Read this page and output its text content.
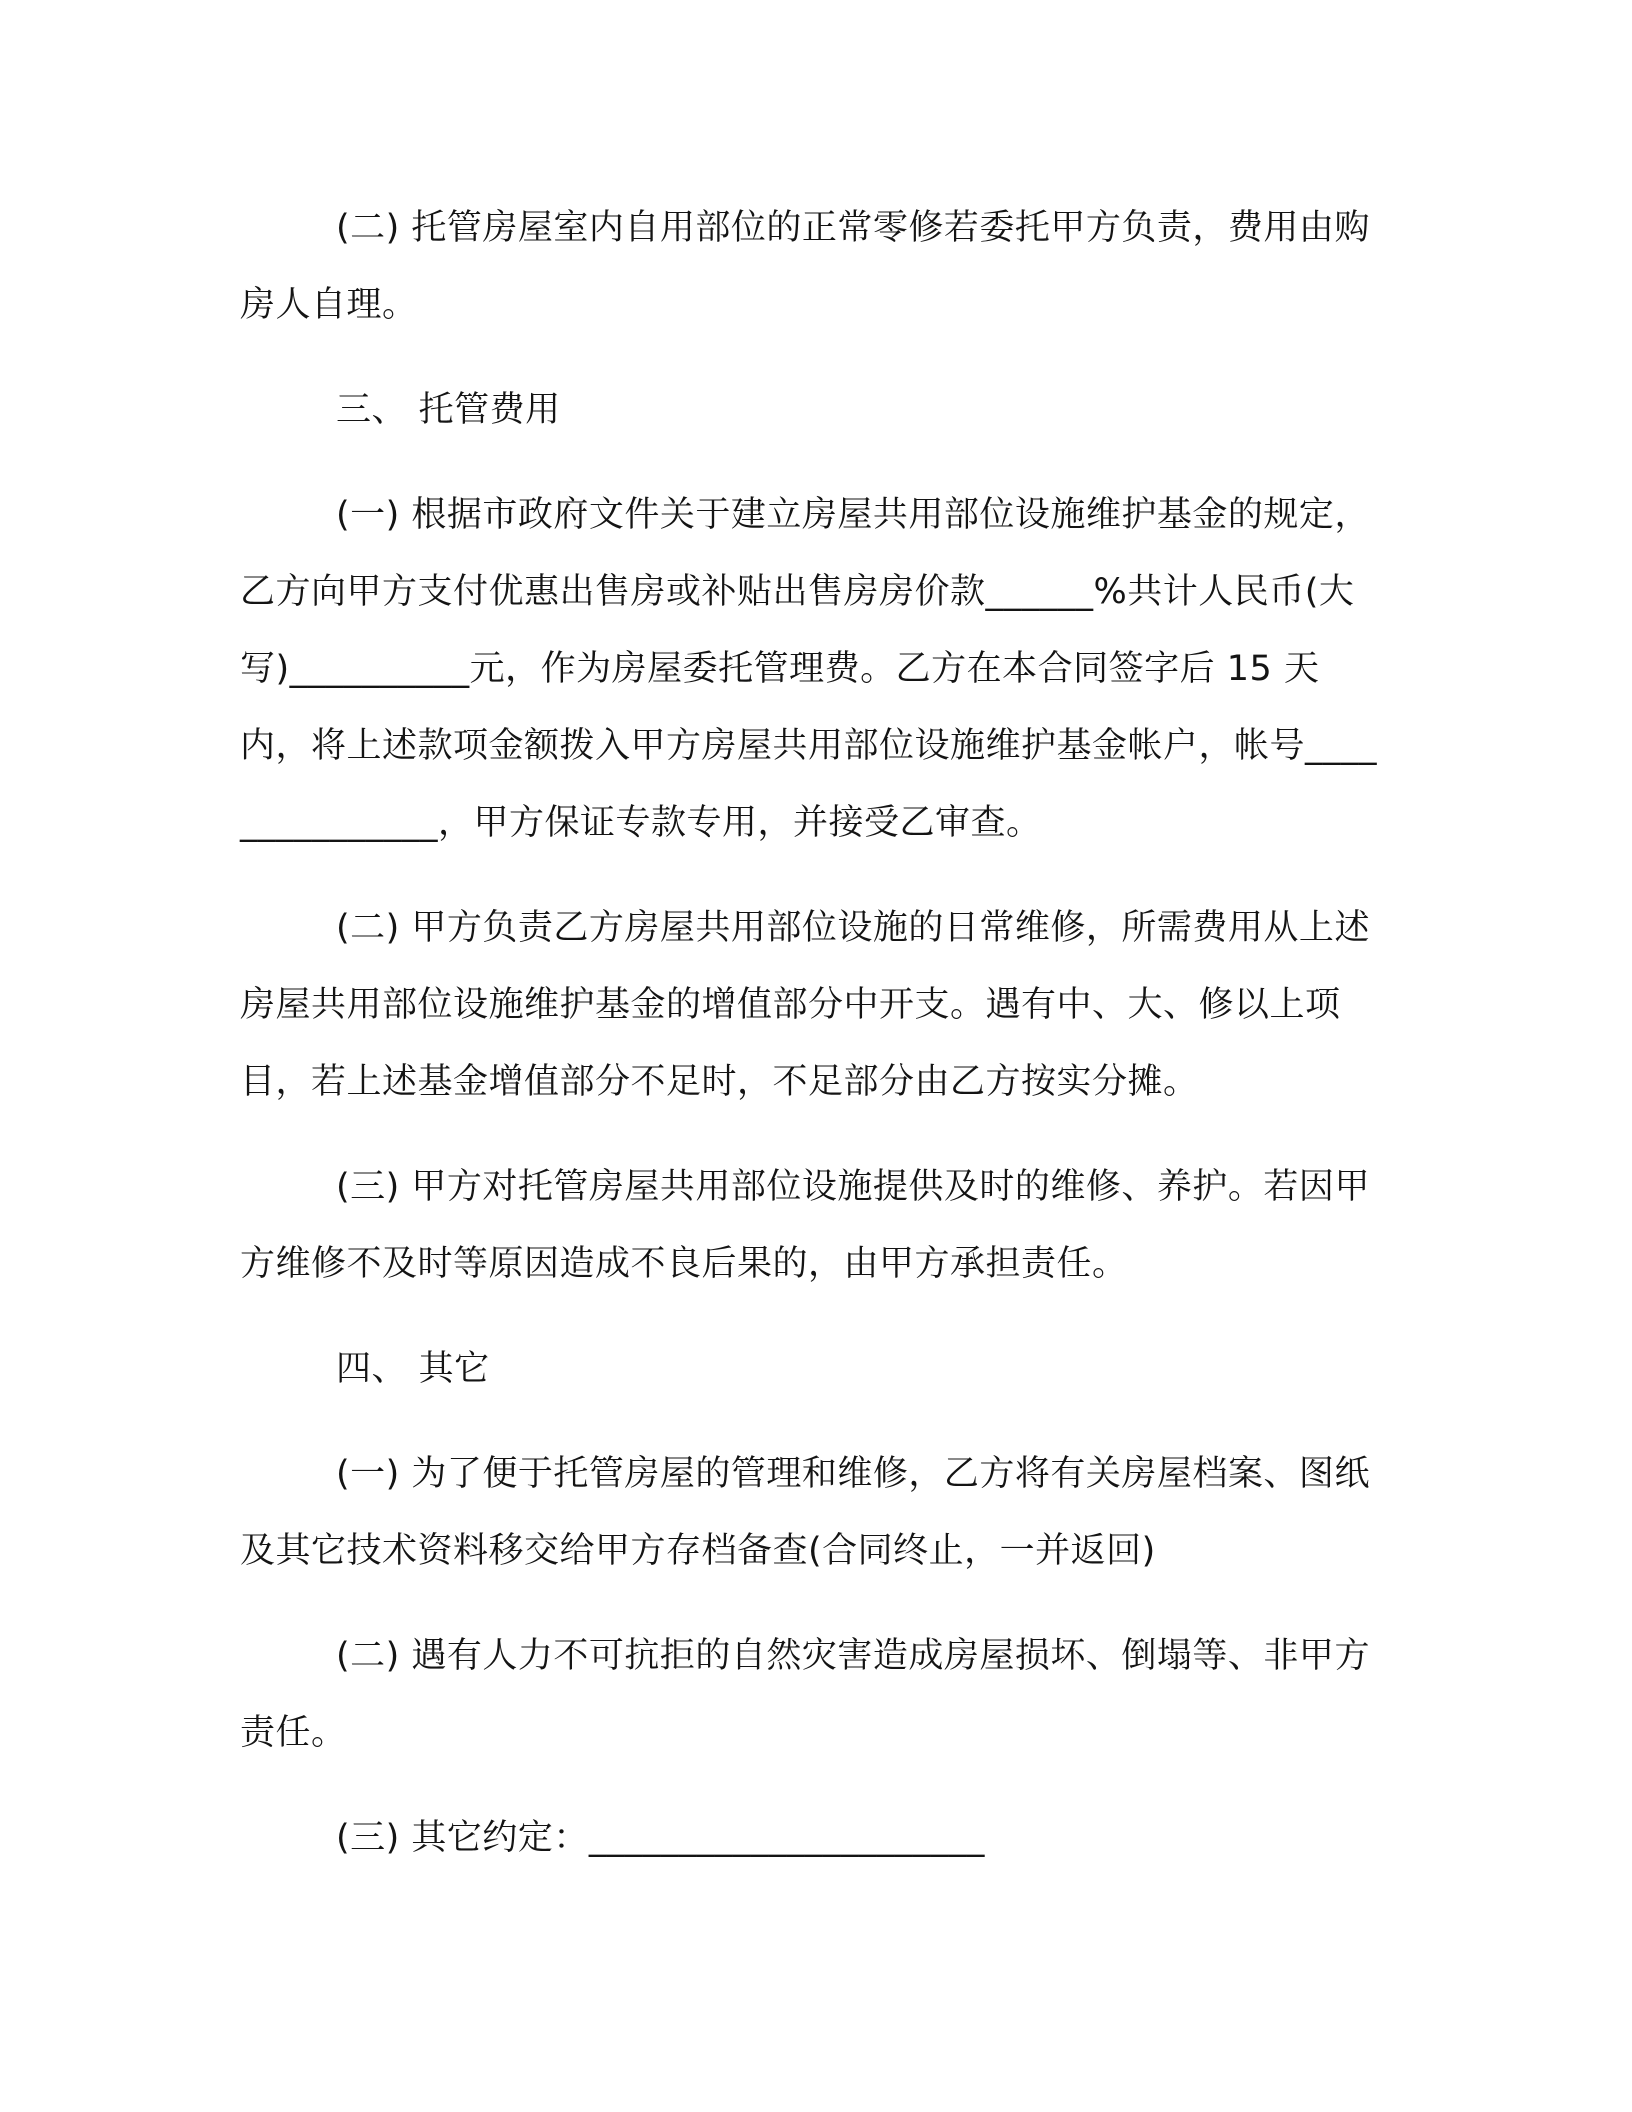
(二) 托管房屋室内自用部位的正常零修若委托甲方负责，费用由购房人自理。

三、 托管费用

(一) 根据市政府文件关于建立房屋共用部位设施维护基金的规定，乙方向甲方支付优惠出售房或补贴出售房房价款______%共计人民币(大写)__________元，作为房屋委托管理费。乙方在本合同签字后 15 天内，将上述款项金额拨入甲方房屋共用部位设施维护基金帐户，帐号_______________，甲方保证专款专用，并接受乙审查。

(二) 甲方负责乙方房屋共用部位设施的日常维修，所需费用从上述房屋共用部位设施维护基金的增值部分中开支。遇有中、大、修以上项目，若上述基金增值部分不足时，不足部分由乙方按实分摊。

(三) 甲方对托管房屋共用部位设施提供及时的维修、养护。若因甲方维修不及时等原因造成不良后果的，由甲方承担责任。

四、 其它

(一) 为了便于托管房屋的管理和维修，乙方将有关房屋档案、图纸及其它技术资料移交给甲方存档备查(合同终止，一并返回)

(二) 遇有人力不可抗拒的自然灾害造成房屋损坏、倒塌等、非甲方责任。

(三) 其它约定：______________________
